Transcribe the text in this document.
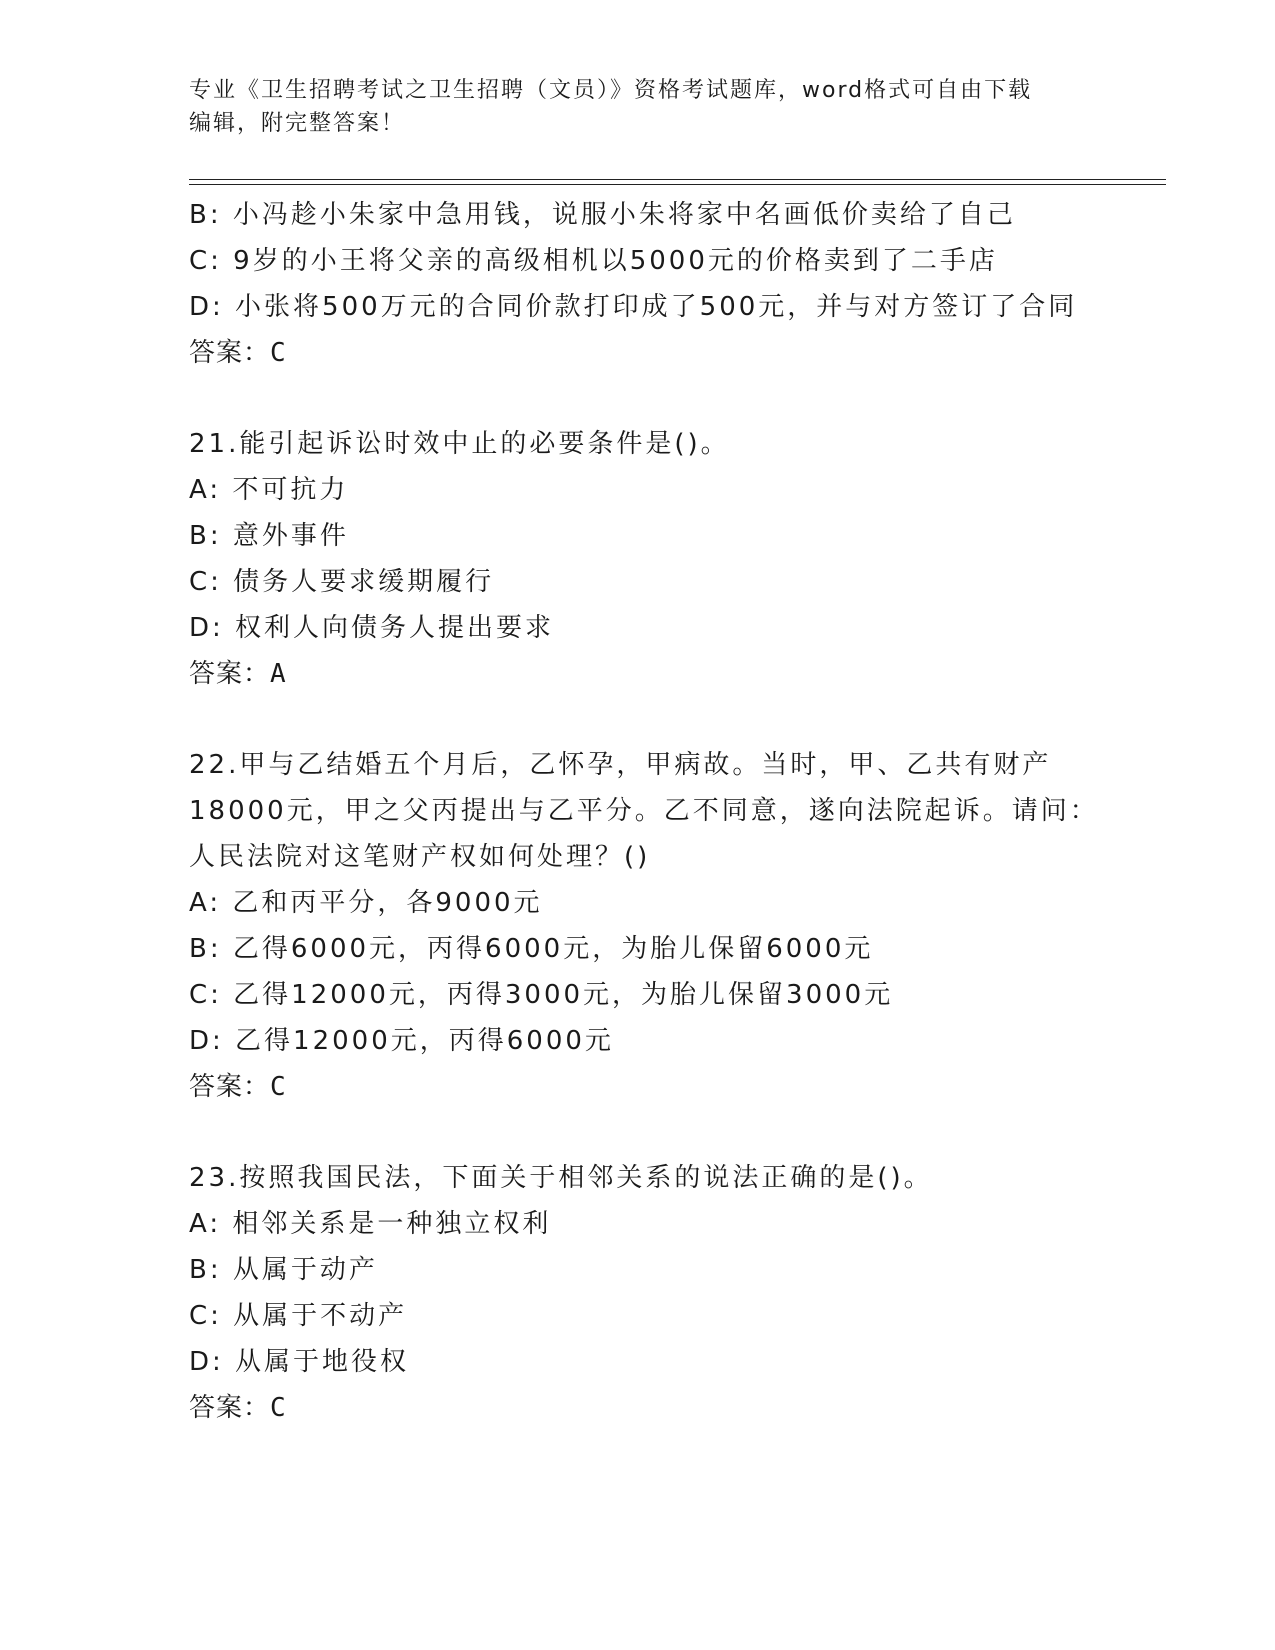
专业《卫生招聘考试之卫生招聘（文员）》资格考试题库，word格式可自由下载
编辑，附完整答案！
B: 小冯趁小朱家中急用钱，说服小朱将家中名画低价卖给了自己
C: 9岁的小王将父亲的高级相机以5000元的价格卖到了二手店
D: 小张将500万元的合同价款打印成了500元，并与对方签订了合同
答案：C
21.能引起诉讼时效中止的必要条件是()。
A: 不可抗力
B: 意外事件
C: 债务人要求缓期履行
D: 权利人向债务人提出要求
答案：A
22.甲与乙结婚五个月后，乙怀孕，甲病故。当时，甲、乙共有财产
18000元，甲之父丙提出与乙平分。乙不同意，遂向法院起诉。请问：
人民法院对这笔财产权如何处理？()
A: 乙和丙平分，各9000元
B: 乙得6000元，丙得6000元，为胎儿保留6000元
C: 乙得12000元，丙得3000元，为胎儿保留3000元
D: 乙得12000元，丙得6000元
答案：C
23.按照我国民法，下面关于相邻关系的说法正确的是()。
A: 相邻关系是一种独立权利
B: 从属于动产
C: 从属于不动产
D: 从属于地役权
答案：C
